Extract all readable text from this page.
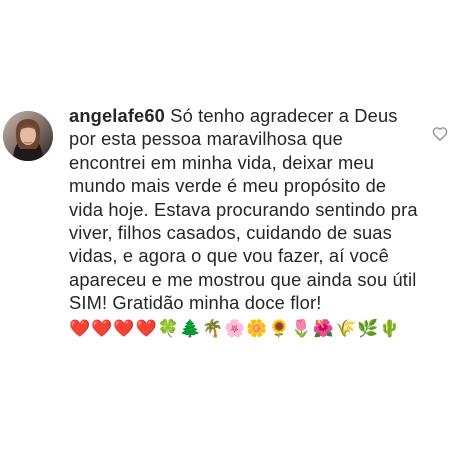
angelafe60 Só tenho agradecer a Deus por esta pessoa maravilhosa que encontrei em minha vida, deixar meu mundo mais verde é meu propósito de vida hoje. Estava procurando sentindo pra viver, filhos casados, cuidando de suas vidas, e agora o que vou fazer, aí você apareceu e me mostrou que ainda sou útil SIM! Gratidão minha doce flor!
❤️❤️❤️❤️🍀🌲🌴🌸🌼🌻🌷🌺🌾🌿🌵
